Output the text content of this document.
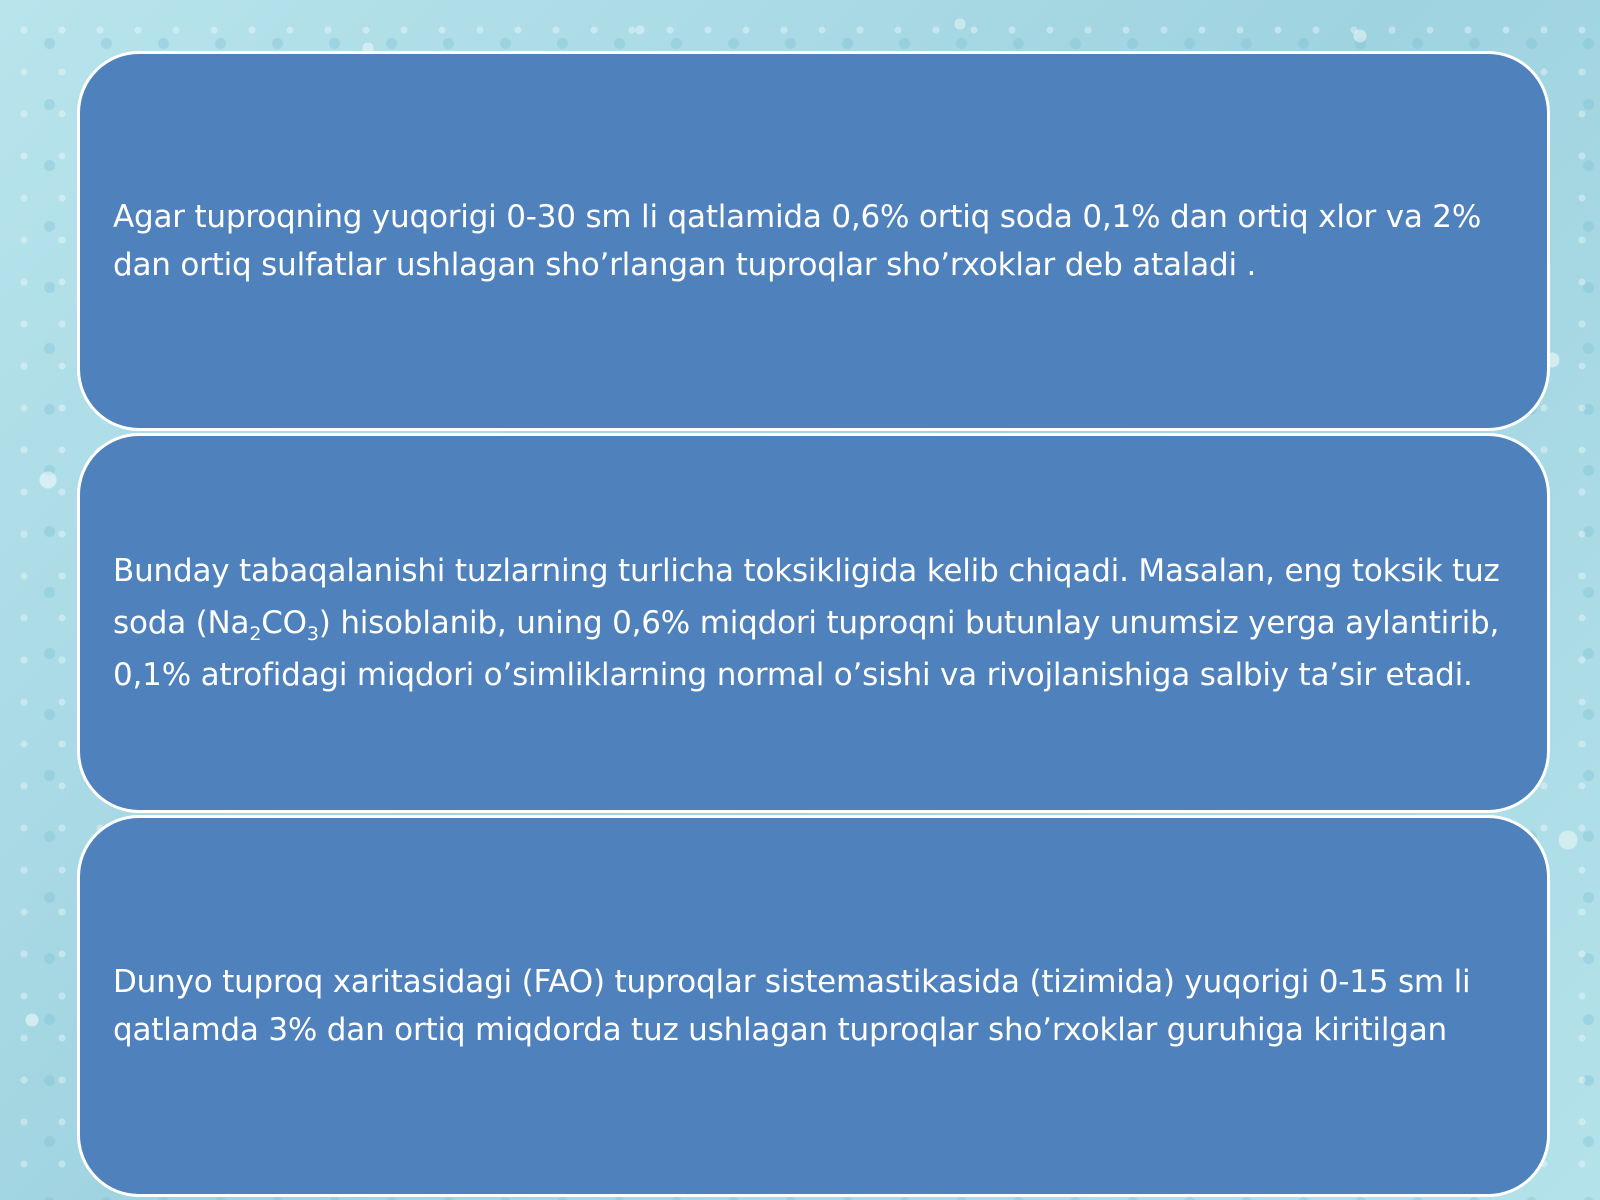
Agar tuproqning yuqorigi 0-30 sm li qatlamida 0,6% ortiq soda 0,1% dan ortiq xlor va 2% dan ortiq sulfatlar ushlagan sho’rlangan tuproqlar sho’rxoklar deb ataladi .

Bunday tabaqalanishi tuzlarning turlicha toksikligida kelib chiqadi. Masalan, eng toksik tuz soda $(Na_2CO_3)$ hisoblanib, uning 0,6% miqdori tuproqni butunlay unumsiz yerga aylantirib, 0,1% atrofidagi miqdori o’simliklarning normal o’sishi va rivojlanishiga salbiy ta’sir etadi.

Dunyo tuproq xaritasidagi (FAO) tuproqlar sistemastikasida (tizimida) yuqorigi 0-15 sm li qatlamda 3% dan ortiq miqdorda tuz ushlagan tuproqlar sho’rxoklar guruhiga kiritilgan
